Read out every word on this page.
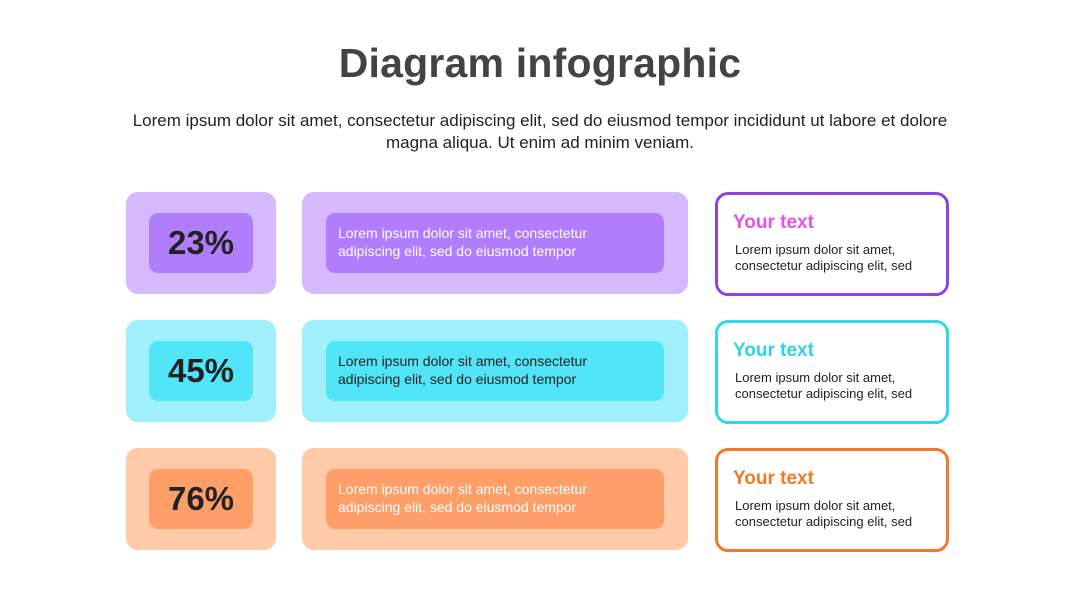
Diagram infographic
Lorem ipsum dolor sit amet, consectetur adipiscing elit, sed do eiusmod tempor incididunt ut labore et dolore magna aliqua. Ut enim ad minim veniam.
23%	Lorem ipsum dolor sit amet, consectetur adipiscing elit, sed do eiusmod tempor
Your text
Lorem ipsum dolor sit amet, consectetur adipiscing elit, sed
45%	Lorem ipsum dolor sit amet, consectetur adipiscing elit, sed do eiusmod tempor
Your text
Lorem ipsum dolor sit amet, consectetur adipiscing elit, sed
76%	Lorem ipsum dolor sit amet, consectetur adipiscing elit, sed do eiusmod tempor
Your text
Lorem ipsum dolor sit amet, consectetur adipiscing elit, sed
